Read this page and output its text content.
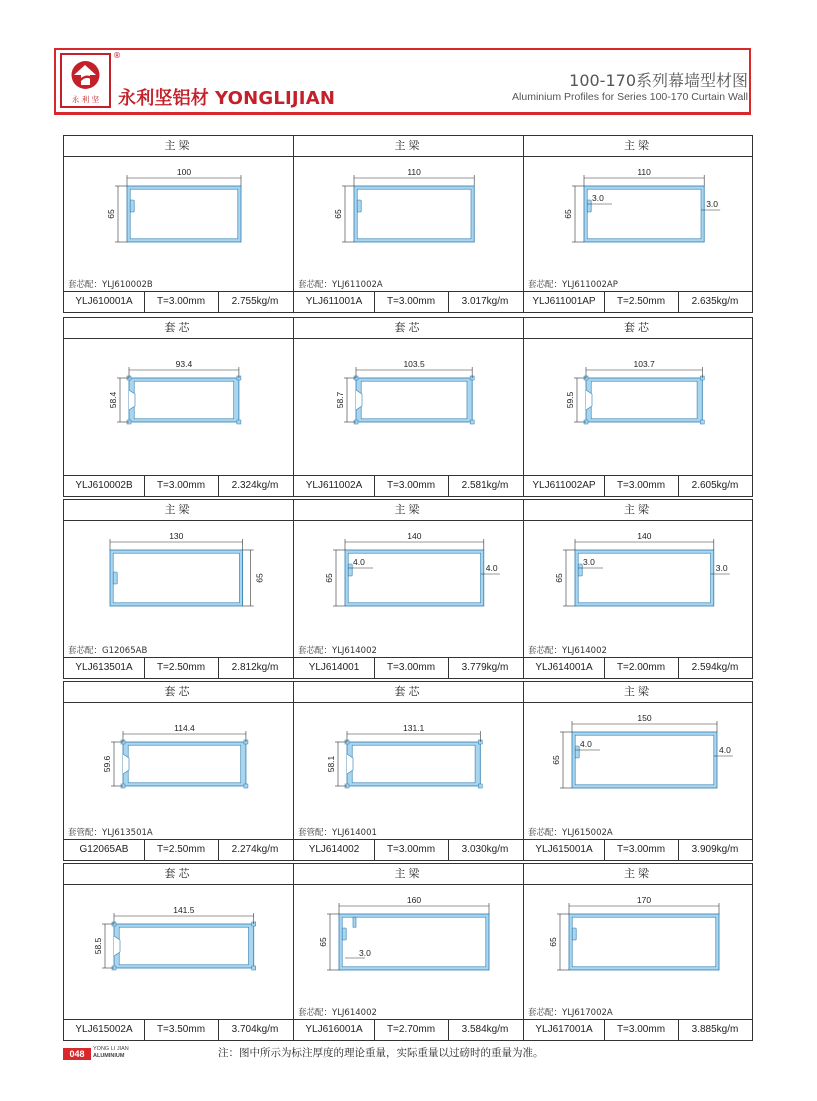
永 利 坚
®
永利坚铝材 YONGLIJIAN
100-170系列幕墙型材图
Aluminium Profiles for Series 100-170 Curtain Wall
主梁
100
65
套芯配：YLJ610002B
YLJ610001A	T=3.00mm	2.755kg/m
主梁
110
65
套芯配：YLJ611002A
YLJ611001A	T=3.00mm	3.017kg/m
主梁
110
65
3.0
3.0
套芯配：YLJ611002AP
YLJ611001AP	T=2.50mm	2.635kg/m
套芯
93.4
58.4
YLJ610002B	T=3.00mm	2.324kg/m
套芯
103.5
58.7
YLJ611002A	T=3.00mm	2.581kg/m
套芯
103.7
59.5
YLJ611002AP	T=3.00mm	2.605kg/m
主梁
130
65
套芯配：G12065AB
YLJ613501A	T=2.50mm	2.812kg/m
主梁
140
65
4.0
4.0
套芯配：YLJ614002
YLJ614001	T=3.00mm	3.779kg/m
主梁
140
65
3.0
3.0
套芯配：YLJ614002
YLJ614001A	T=2.00mm	2.594kg/m
套芯
114.4
59.6
套管配：YLJ613501A
G12065AB	T=2.50mm	2.274kg/m
套芯
131.1
58.1
套管配：YLJ614001
YLJ614002	T=3.00mm	3.030kg/m
主梁
150
65
4.0
4.0
套芯配：YLJ615002A
YLJ615001A	T=3.00mm	3.909kg/m
套芯
141.5
58.5
YLJ615002A	T=3.50mm	3.704kg/m
主梁
160
65
3.0
套芯配：YLJ614002
YLJ616001A	T=2.70mm	3.584kg/m
主梁
170
65
套芯配：YLJ617002A
YLJ617001A	T=3.00mm	3.885kg/m
048	YONG LI JIAN
ALUMINIUM	注：图中所示为标注厚度的理论重量，实际重量以过磅时的重量为准。
